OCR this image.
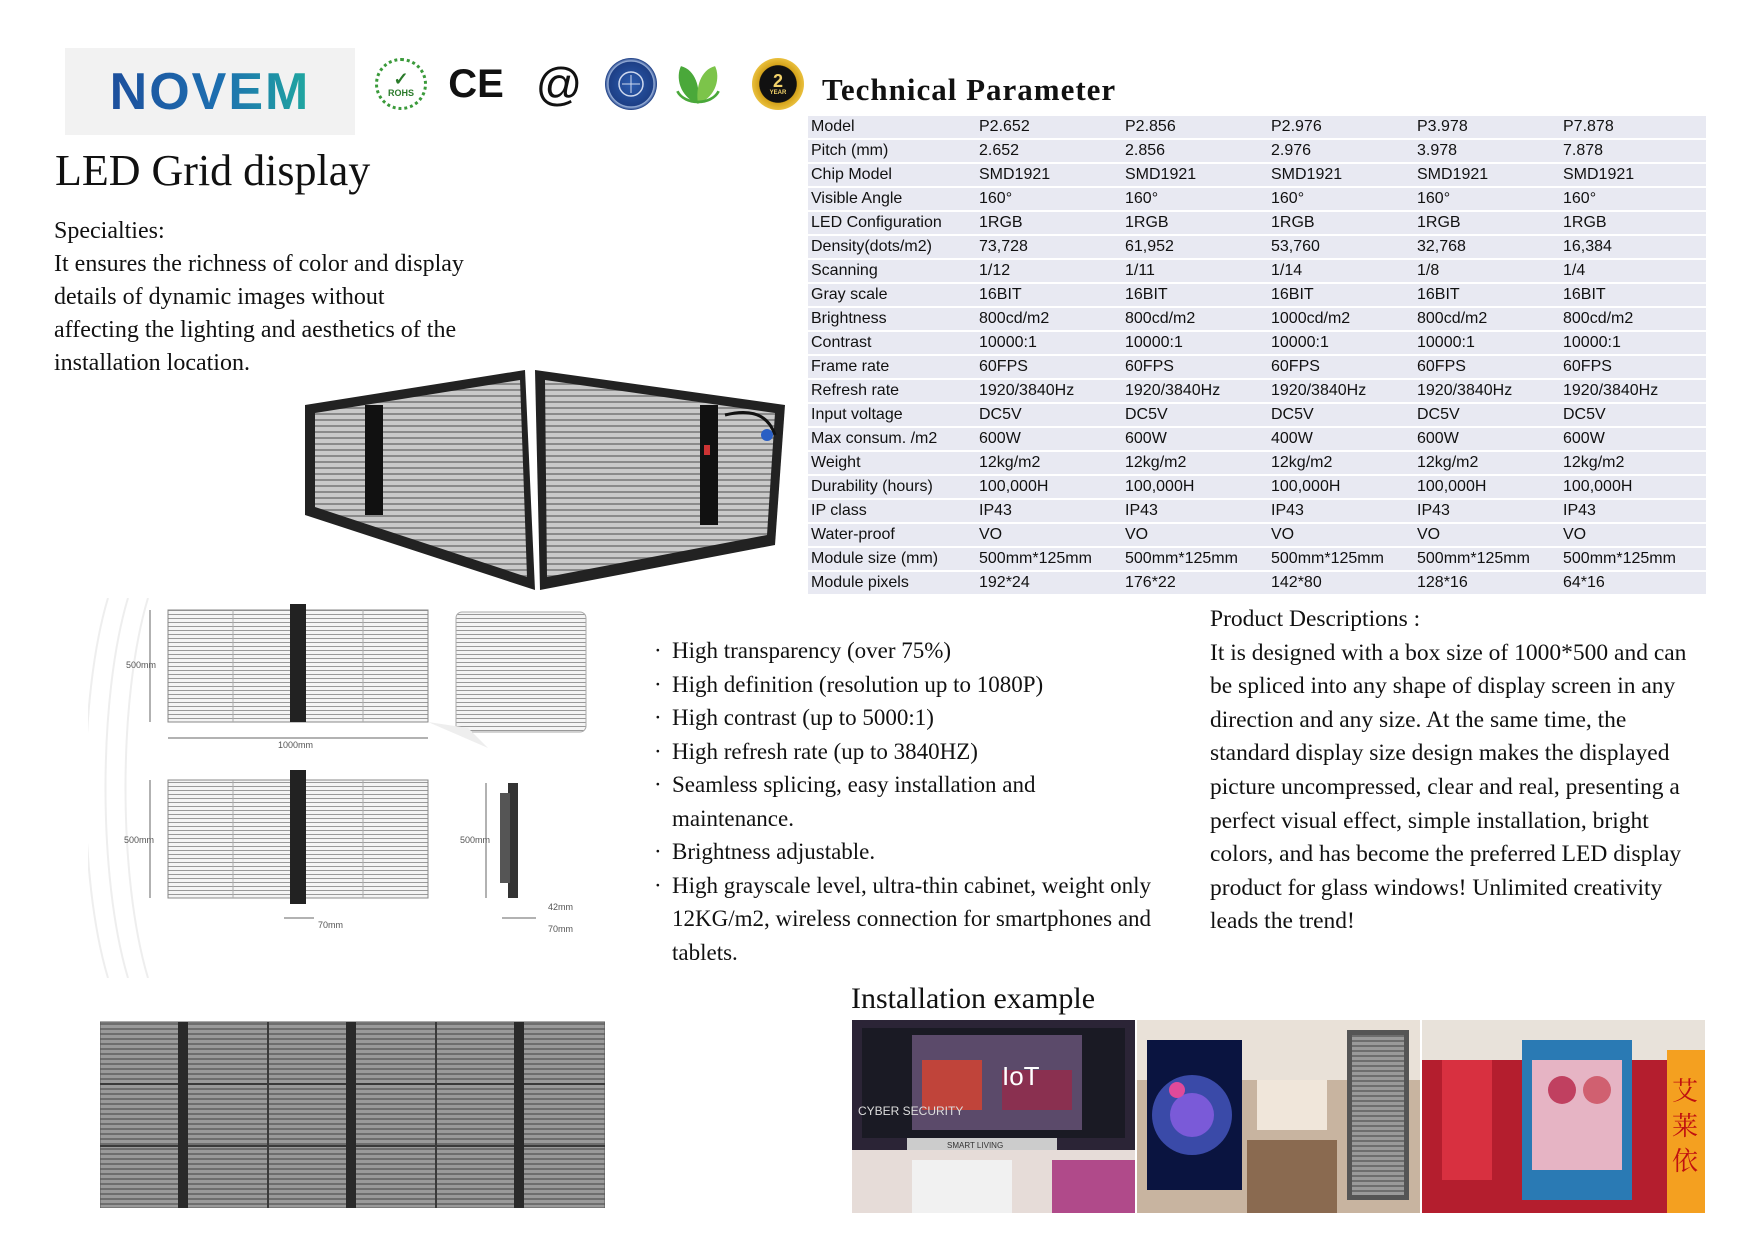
NOVEM	✓
ROHS CE @	2
YEAR Technical Parameter
LED Grid display
Specialties:
It ensures the richness of color and display details of dynamic images without affecting the lighting and aesthetics of the installation location.
Model	P2.652	P2.856	P2.976	P3.978	P7.878
Pitch (mm)	2.652	2.856	2.976	3.978	7.878
Chip Model	SMD1921	SMD1921	SMD1921	SMD1921	SMD1921
Visible Angle	160°	160°	160°	160°	160°
LED Configuration	1RGB	1RGB	1RGB	1RGB	1RGB
Density(dots/m2)	73,728	61,952	53,760	32,768	16,384
Scanning	1/12	1/11	1/14	1/8	1/4
Gray scale	16BIT	16BIT	16BIT	16BIT	16BIT
Brightness	800cd/m2	800cd/m2	1000cd/m2	800cd/m2	800cd/m2
Contrast	10000:1	10000:1	10000:1	10000:1	10000:1
Frame rate	60FPS	60FPS	60FPS	60FPS	60FPS
Refresh rate	1920/3840Hz	1920/3840Hz	1920/3840Hz	1920/3840Hz	1920/3840Hz
Input voltage	DC5V	DC5V	DC5V	DC5V	DC5V
Max consum. /m2	600W	600W	400W	600W	600W
Weight	12kg/m2	12kg/m2	12kg/m2	12kg/m2	12kg/m2
Durability (hours)	100,000H	100,000H	100,000H	100,000H	100,000H
IP class	IP43	IP43	IP43	IP43	IP43
Water-proof	VO	VO	VO	VO	VO
Module size (mm)	500mm*125mm	500mm*125mm	500mm*125mm	500mm*125mm	500mm*125mm
Module pixels	192*24	176*22	142*80	128*16	64*16
500mm
1000mm
500mm	500mm
70mm
42mm
70mm
· High transparency (over 75%)
· High definition (resolution up to 1080P)
· High contrast (up to 5000:1)
· High refresh rate (up to 3840HZ)
· Seamless splicing, easy installation and maintenance.
· Brightness adjustable.
· High grayscale level, ultra-thin cabinet, weight only 12KG/m2, wireless connection for smartphones and tablets.
Product Descriptions :
It is designed with a box size of 1000*500 and can be spliced into any shape of display screen in any direction and any size. At the same time, the standard display size design makes the displayed picture uncompressed, clear and real, presenting a perfect visual effect, simple installation, bright colors, and has become the preferred LED display product for glass windows! Unlimited creativity leads the trend!
Installation example
IoT
CYBER SECURITY
SMART LIVING
艾
莱
依
